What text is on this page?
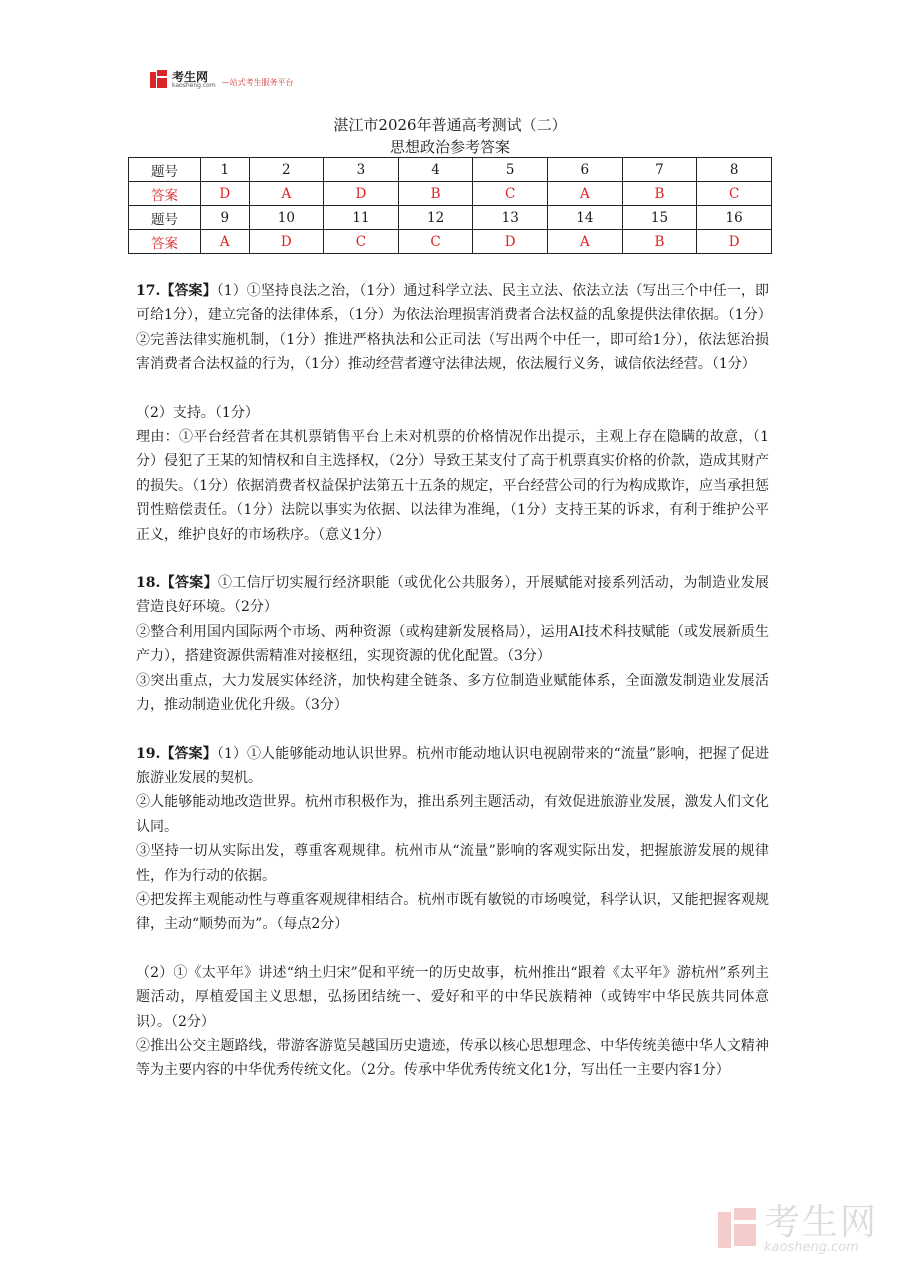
考生网
kaosheng.com —站式考生服务平台
湛江市2026年普通高考测试（二）
思想政治参考答案
题号	1	2	3	4	5	6	7	8
答案	D	A	D	B	C	A	B	C
题号	9	10	11	12	13	14	15	16
答案	A	D	C	C	D	A	B	D

17.【答案】（1）①坚持良法之治，（1分）通过科学立法、民主立法、依法立法（写出三个中任一，即可给1分），建立完备的法律体系，（1分）为依法治理损害消费者合法权益的乱象提供法律依据。（1分）

②完善法律实施机制，（1分）推进严格执法和公正司法（写出两个中任一，即可给1分），依法惩治损害消费者合法权益的行为，（1分）推动经营者遵守法律法规，依法履行义务，诚信依法经营。（1分）

（2）支持。（1分）

理由：①平台经营者在其机票销售平台上未对机票的价格情况作出提示，主观上存在隐瞒的故意，（1分）侵犯了王某的知情权和自主选择权，（2分）导致王某支付了高于机票真实价格的价款，造成其财产的损失。（1分）依据消费者权益保护法第五十五条的规定，平台经营公司的行为构成欺诈，应当承担惩罚性赔偿责任。（1分）法院以事实为依据、以法律为准绳，（1分）支持王某的诉求，有利于维护公平正义，维护良好的市场秩序。（意义1分）

18.【答案】①工信厅切实履行经济职能（或优化公共服务），开展赋能对接系列活动，为制造业发展营造良好环境。（2分）

②整合利用国内国际两个市场、两种资源（或构建新发展格局），运用AI技术科技赋能（或发展新质生产力），搭建资源供需精准对接枢纽，实现资源的优化配置。（3分）

③突出重点，大力发展实体经济，加快构建全链条、多方位制造业赋能体系，全面激发制造业发展活力，推动制造业优化升级。（3分）

19.【答案】（1）①人能够能动地认识世界。杭州市能动地认识电视剧带来的“流量”影响，把握了促进旅游业发展的契机。

②人能够能动地改造世界。杭州市积极作为，推出系列主题活动，有效促进旅游业发展，激发人们文化认同。

③坚持一切从实际出发，尊重客观规律。杭州市从“流量”影响的客观实际出发，把握旅游发展的规律性，作为行动的依据。

④把发挥主观能动性与尊重客观规律相结合。杭州市既有敏锐的市场嗅觉，科学认识，又能把握客观规律，主动“顺势而为”。（每点2分）

（2）①《太平年》讲述“纳土归宋”促和平统一的历史故事，杭州推出“跟着《太平年》游杭州”系列主题活动，厚植爱国主义思想，弘扬团结统一、爱好和平的中华民族精神（或铸牢中华民族共同体意识）。（2分）

②推出公交主题路线，带游客游览吴越国历史遗迹，传承以核心思想理念、中华传统美德中华人文精神等为主要内容的中华优秀传统文化。（2分。传承中华优秀传统文化1分，写出任一主要内容1分）

考生网
kaosheng.com
